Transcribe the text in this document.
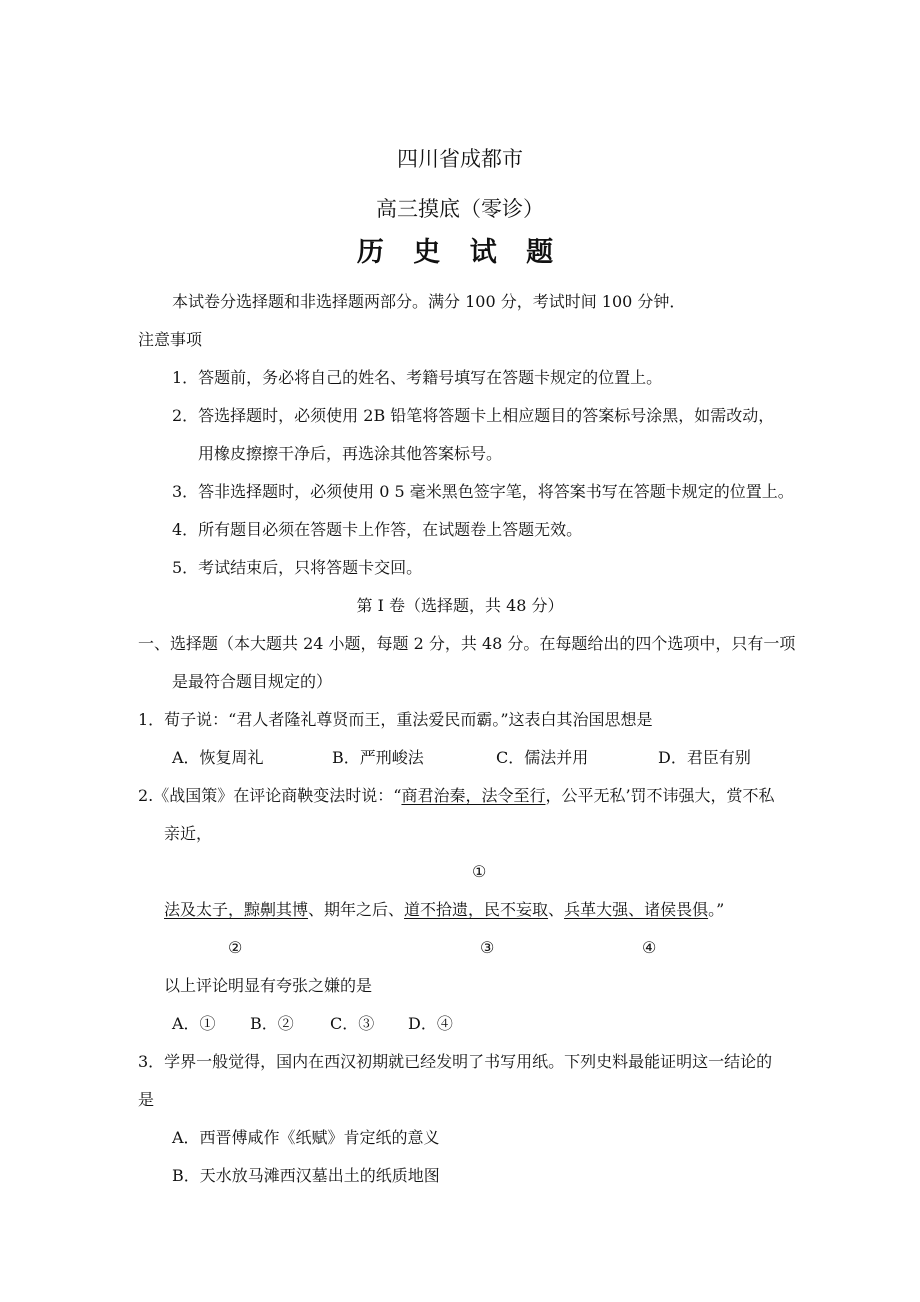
四川省成都市
高三摸底（零诊）
历 史 试 题
本试卷分选择题和非选择题两部分。满分 100 分，考试时间 100 分钟．
注意事项
1．答题前，务必将自己的姓名、考籍号填写在答题卡规定的位置上。
2．答选择题时，必须使用 2B 铅笔将答题卡上相应题目的答案标号涂黑，如需改动，
用橡皮擦擦干净后，再选涂其他答案标号。
3．答非选择题时，必须使用 0 5 毫米黑色签字笔，将答案书写在答题卡规定的位置上。
4．所有题目必须在答题卡上作答，在试题卷上答题无效。
5．考试结束后，只将答题卡交回。
第 I 卷（选择题，共 48 分）
一、选择题（本大题共 24 小题，每题 2 分，共 48 分。在每题给出的四个选项中，只有一项
是最符合题目规定的）
1．荀子说：“君人者隆礼尊贤而王，重法爱民而霸。”这表白其治国思想是
A．恢复周礼	B．严刑峻法	C．儒法并用	D．君臣有别
2.《战国策》在评论商鞅变法时说：“商君治秦，法令至行，公平无私’罚不讳强大，赏不私
亲近，
①
法及太子，黥劓其博、期年之后、道不拾遗，民不妄取、兵革大强、诸侯畏俱。”
②	③	④
以上评论明显有夸张之嫌的是
A．① B．② C．③ D．④
3．学界一般觉得，国内在西汉初期就已经发明了书写用纸。下列史料最能证明这一结论的
是
A．西晋傅咸作《纸赋》肯定纸的意义
B．天水放马滩西汉墓出土的纸质地图
